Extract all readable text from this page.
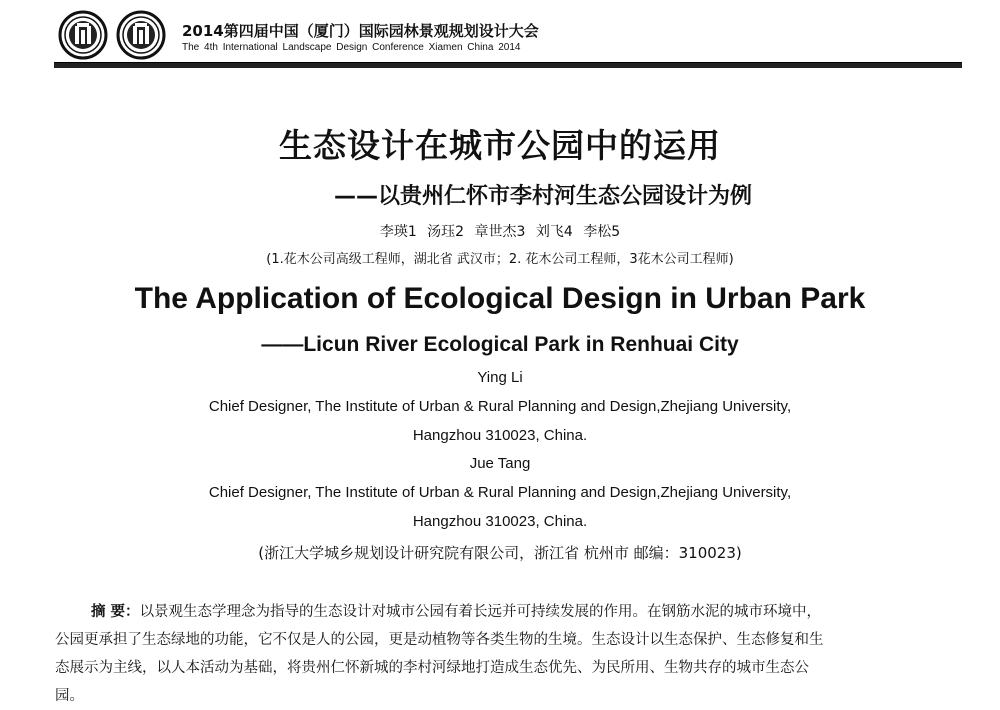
2014第四届中国（厦门）国际园林景观规划设计大会
The 4th International Landscape Design Conference Xiamen China 2014
生态设计在城市公园中的运用
——以贵州仁怀市李村河生态公园设计为例
李瑛1 汤珏2 章世杰3 刘飞4 李松5
(1.花木公司高级工程师，湖北省 武汉市；2. 花木公司工程师，3花木公司工程师)
The Application of Ecological Design in Urban Park
——Licun River Ecological Park in Renhuai City
Ying Li
Chief Designer, The Institute of Urban & Rural Planning and Design,Zhejiang University,
Hangzhou 310023, China.
Jue Tang
Chief Designer, The Institute of Urban & Rural Planning and Design,Zhejiang University,
Hangzhou 310023, China.
(浙江大学城乡规划设计研究院有限公司，浙江省 杭州市 邮编：310023)
摘 要：以景观生态学理念为指导的生态设计对城市公园有着长远并可持续发展的作用。在钢筋水泥的城市环境中，
公园更承担了生态绿地的功能，它不仅是人的公园，更是动植物等各类生物的生境。生态设计以生态保护、生态修复和生
态展示为主线，以人本活动为基础，将贵州仁怀新城的李村河绿地打造成生态优先、为民所用、生物共存的城市生态公
园。
